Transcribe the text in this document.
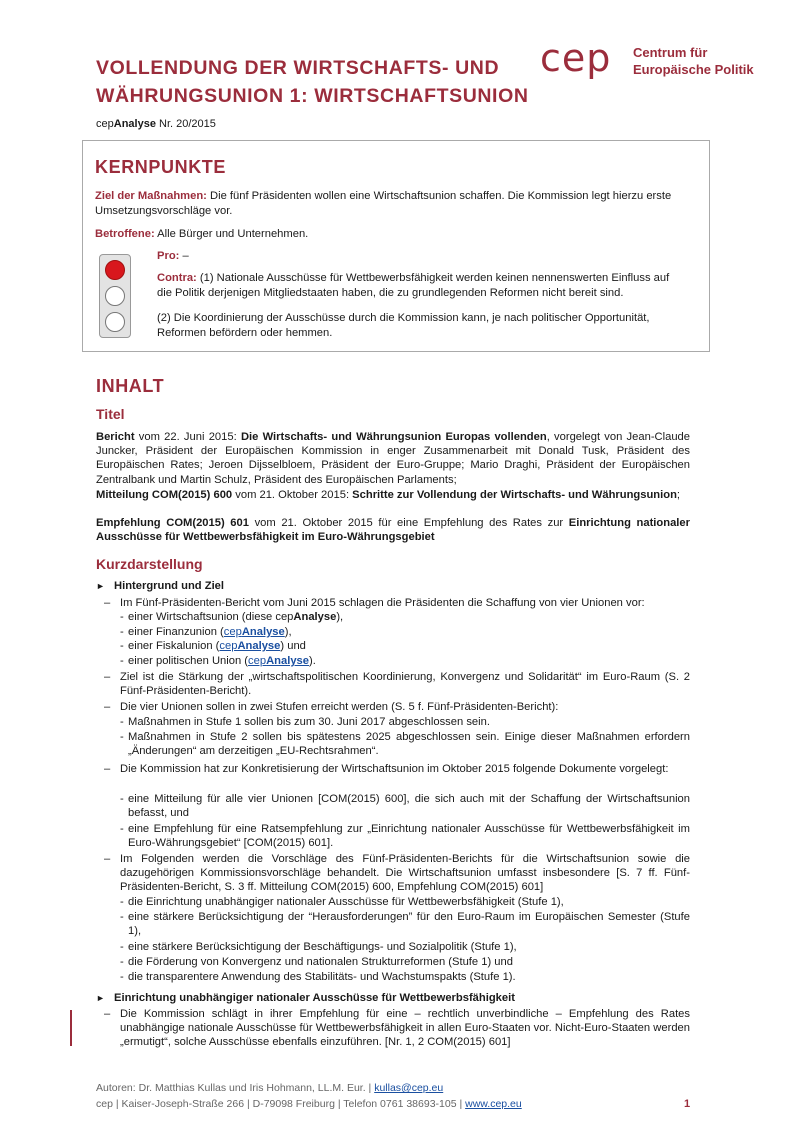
VOLLENDUNG DER WIRTSCHAFTS- UND
WÄHRUNGSUNION 1: WIRTSCHAFTSUNION
cep Centrum für
Europäische Politik
cepAnalyse Nr. 20/2015
KERNPUNKTE
Ziel der Maßnahmen: Die fünf Präsidenten wollen eine Wirtschaftsunion schaffen. Die Kommission legt hierzu erste Umsetzungsvorschläge vor.
Betroffene: Alle Bürger und Unternehmen.
Pro: –
Contra: (1) Nationale Ausschüsse für Wettbewerbsfähigkeit werden keinen nennenswerten Einfluss auf die Politik derjenigen Mitgliedstaaten haben, die zu grundlegenden Reformen nicht bereit sind.
(2) Die Koordinierung der Ausschüsse durch die Kommission kann, je nach politischer Opportunität, Reformen befördern oder hemmen.
INHALT
Titel
Bericht vom 22. Juni 2015: Die Wirtschafts- und Währungsunion Europas vollenden, vorgelegt von Jean-Claude Juncker, Präsident der Europäischen Kommission in enger Zusammenarbeit mit Donald Tusk, Präsident des Europäischen Rates; Jeroen Dijsselbloem, Präsident der Euro-Gruppe; Mario Draghi, Präsident der Europäischen Zentralbank und Martin Schulz, Präsident des Europäischen Parlaments;
Mitteilung COM(2015) 600 vom 21. Oktober 2015: Schritte zur Vollendung der Wirtschafts- und Währungsunion;
Empfehlung COM(2015) 601 vom 21. Oktober 2015 für eine Empfehlung des Rates zur Einrichtung nationaler Ausschüsse für Wettbewerbsfähigkeit im Euro-Währungsgebiet
Kurzdarstellung
► Hintergrund und Ziel
– Im Fünf-Präsidenten-Bericht vom Juni 2015 schlagen die Präsidenten die Schaffung von vier Unionen vor:
- einer Wirtschaftsunion (diese cepAnalyse),
- einer Finanzunion (cepAnalyse),
- einer Fiskalunion (cepAnalyse) und
- einer politischen Union (cepAnalyse).
– Ziel ist die Stärkung der „wirtschaftspolitischen Koordinierung, Konvergenz und Solidarität“ im Euro-Raum (S. 2 Fünf-Präsidenten-Bericht).
– Die vier Unionen sollen in zwei Stufen erreicht werden (S. 5 f. Fünf-Präsidenten-Bericht):
- Maßnahmen in Stufe 1 sollen bis zum 30. Juni 2017 abgeschlossen sein.
- Maßnahmen in Stufe 2 sollen bis spätestens 2025 abgeschlossen sein. Einige dieser Maßnahmen erfordern „Änderungen“ am derzeitigen „EU-Rechtsrahmen“.
– Die Kommission hat zur Konkretisierung der Wirtschaftsunion im Oktober 2015 folgende Dokumente vorgelegt:
- eine Mitteilung für alle vier Unionen [COM(2015) 600], die sich auch mit der Schaffung der Wirtschaftsunion befasst, und
- eine Empfehlung für eine Ratsempfehlung zur „Einrichtung nationaler Ausschüsse für Wettbewerbsfähigkeit im Euro-Währungsgebiet“ [COM(2015) 601].
– Im Folgenden werden die Vorschläge des Fünf-Präsidenten-Berichts für die Wirtschaftsunion sowie die dazugehörigen Kommissionsvorschläge behandelt. Die Wirtschaftsunion umfasst insbesondere [S. 7 ff. Fünf-Präsidenten-Bericht, S. 3 ff. Mitteilung COM(2015) 600, Empfehlung COM(2015) 601]
- die Einrichtung unabhängiger nationaler Ausschüsse für Wettbewerbsfähigkeit (Stufe 1),
- eine stärkere Berücksichtigung der “Herausforderungen” für den Euro-Raum im Europäischen Semester (Stufe 1),
- eine stärkere Berücksichtigung der Beschäftigungs- und Sozialpolitik (Stufe 1),
- die Förderung von Konvergenz und nationalen Strukturreformen (Stufe 1) und
- die transparentere Anwendung des Stabilitäts- und Wachstumspakts (Stufe 1).
► Einrichtung unabhängiger nationaler Ausschüsse für Wettbewerbsfähigkeit
– Die Kommission schlägt in ihrer Empfehlung für eine – rechtlich unverbindliche – Empfehlung des Rates unabhängige nationale Ausschüsse für Wettbewerbsfähigkeit in allen Euro-Staaten vor. Nicht-Euro-Staaten werden „ermutigt“, solche Ausschüsse ebenfalls einzuführen. [Nr. 1, 2 COM(2015) 601]
Autoren: Dr. Matthias Kullas und Iris Hohmann, LL.M. Eur. | kullas@cep.eu
cep | Kaiser-Joseph-Straße 266 | D-79098 Freiburg | Telefon 0761 38693-105 | www.cep.eu	1
